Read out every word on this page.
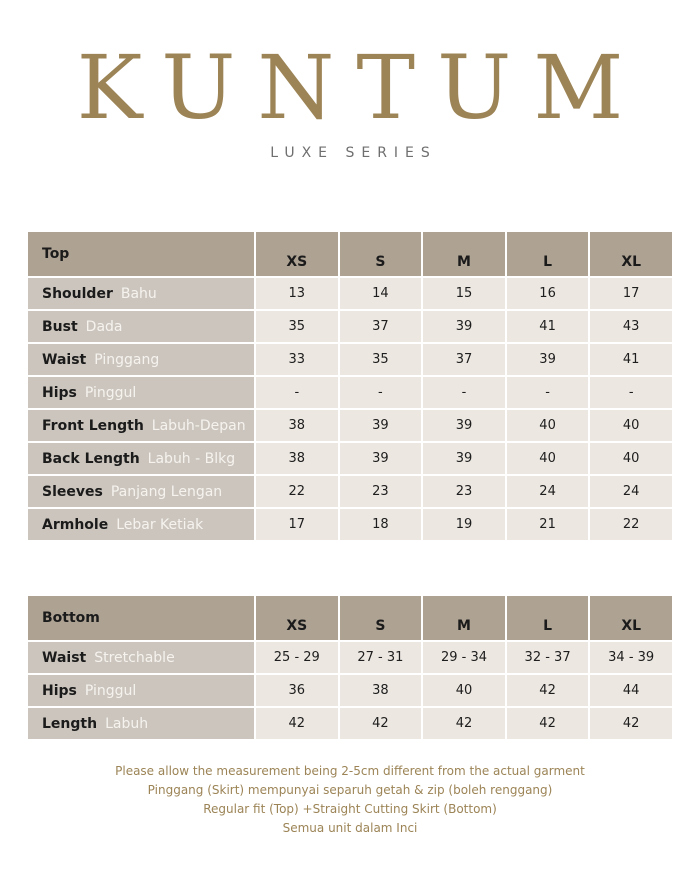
KUNTUM
LUXE SERIES
Top	XS	S	M	L	XL
Shoulder Bahu	13	14	15	16	17
Bust Dada	35	37	39	41	43
Waist Pinggang	33	35	37	39	41
Hips Pinggul	-	-	-	-	-
Front Length Labuh-Depan	38	39	39	40	40
Back Length Labuh - Blkg	38	39	39	40	40
Sleeves Panjang Lengan	22	23	23	24	24
Armhole Lebar Ketiak	17	18	19	21	22
Bottom	XS	S	M	L	XL
Waist Stretchable	25 - 29	27 - 31	29 - 34	32 - 37	34 - 39
Hips Pinggul	36	38	40	42	44
Length Labuh	42	42	42	42	42
Please allow the measurement being 2-5cm different from the actual garment
Pinggang (Skirt) mempunyai separuh getah & zip (boleh renggang)
Regular fit (Top) +Straight Cutting Skirt (Bottom)
Semua unit dalam Inci
